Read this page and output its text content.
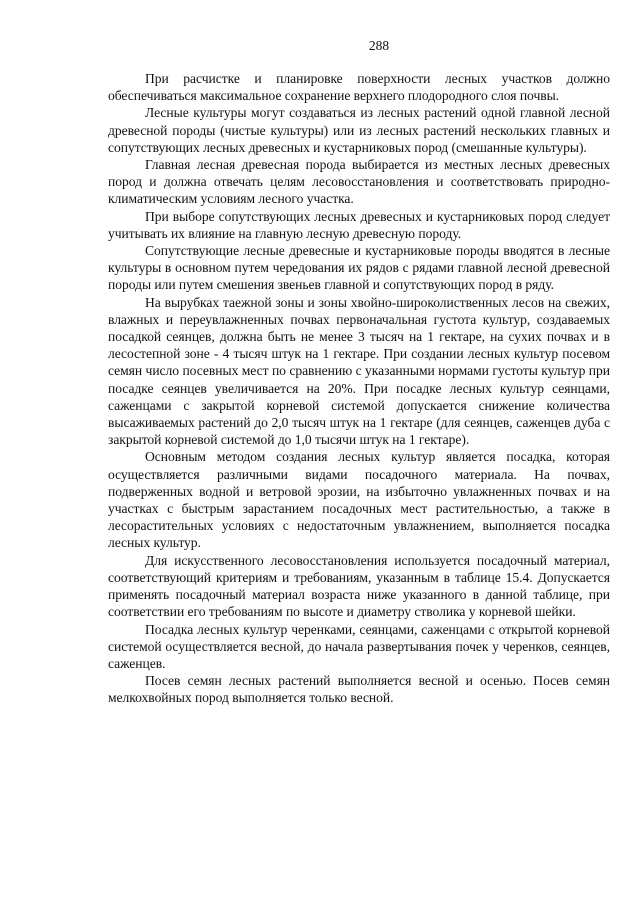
288

При расчистке и планировке поверхности лесных участков должно обеспечиваться максимальное сохранение верхнего плодородного слоя почвы.

Лесные культуры могут создаваться из лесных растений одной главной лесной древесной породы (чистые культуры) или из лесных растений нескольких главных и сопутствующих лесных древесных и кустарниковых пород (смешанные культуры).

Главная лесная древесная порода выбирается из местных лесных древесных пород и должна отвечать целям лесовосстановления и соответствовать природно-климатическим условиям лесного участка.

При выборе сопутствующих лесных древесных и кустарниковых пород следует учитывать их влияние на главную лесную древесную породу.

Сопутствующие лесные древесные и кустарниковые породы вводятся в лесные культуры в основном путем чередования их рядов с рядами главной лесной древесной породы или путем смешения звеньев главной и сопутствующих пород в ряду.

На вырубках таежной зоны и зоны хвойно-широколиственных лесов на свежих, влажных и переувлажненных почвах первоначальная густота культур, создаваемых посадкой сеянцев, должна быть не менее 3 тысяч на 1 гектаре, на сухих почвах и в лесостепной зоне - 4 тысяч штук на 1 гектаре. При создании лесных культур посевом семян число посевных мест по сравнению с указанными нормами густоты культур при посадке сеянцев увеличивается на 20%. При посадке лесных культур сеянцами, саженцами с закрытой корневой системой допускается снижение количества высаживаемых растений до 2,0 тысяч штук на 1 гектаре (для сеянцев, саженцев дуба с закрытой корневой системой до 1,0 тысячи штук на 1 гектаре).

Основным методом создания лесных культур является посадка, которая осуществляется различными видами посадочного материала. На почвах, подверженных водной и ветровой эрозии, на избыточно увлажненных почвах и на участках с быстрым зарастанием посадочных мест растительностью, а также в лесорастительных условиях с недостаточным увлажнением, выполняется посадка лесных культур.

Для искусственного лесовосстановления используется посадочный материал, соответствующий критериям и требованиям, указанным в таблице 15.4. Допускается применять посадочный материал возраста ниже указанного в данной таблице, при соответствии его требованиям по высоте и диаметру стволика у корневой шейки.

Посадка лесных культур черенками, сеянцами, саженцами с открытой корневой системой осуществляется весной, до начала развертывания почек у черенков, сеянцев, саженцев.

Посев семян лесных растений выполняется весной и осенью. Посев семян мелкохвойных пород выполняется только весной.
